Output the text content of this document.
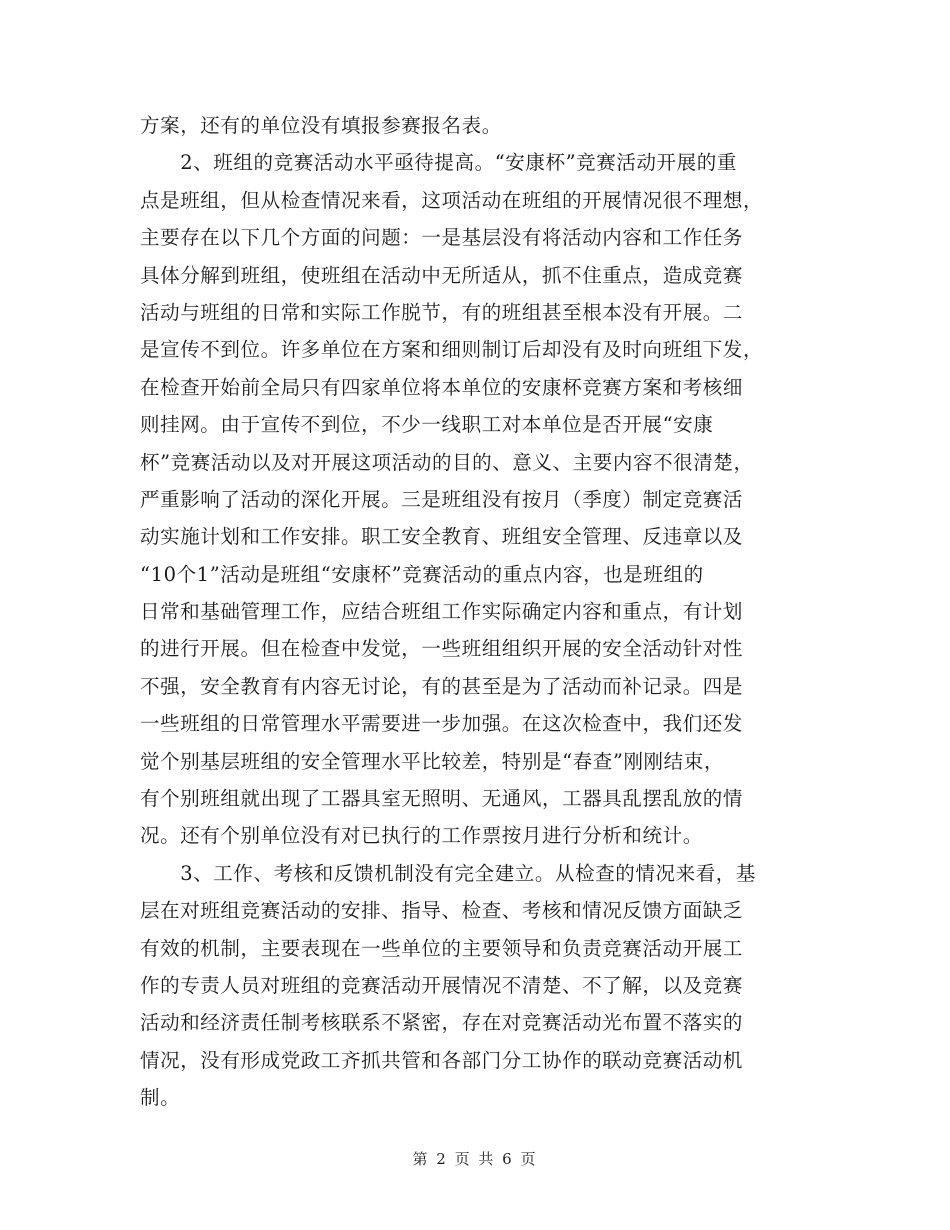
方案，还有的单位没有填报参赛报名表。
　　2、班组的竞赛活动水平亟待提高。“安康杯”竞赛活动开展的重
点是班组，但从检查情况来看，这项活动在班组的开展情况很不理想，
主要存在以下几个方面的问题：一是基层没有将活动内容和工作任务
具体分解到班组，使班组在活动中无所适从，抓不住重点，造成竞赛
活动与班组的日常和实际工作脱节，有的班组甚至根本没有开展。二
是宣传不到位。许多单位在方案和细则制订后却没有及时向班组下发，
在检查开始前全局只有四家单位将本单位的安康杯竞赛方案和考核细
则挂网。由于宣传不到位，不少一线职工对本单位是否开展“安康
杯”竞赛活动以及对开展这项活动的目的、意义、主要内容不很清楚，
严重影响了活动的深化开展。三是班组没有按月（季度）制定竞赛活
动实施计划和工作安排。职工安全教育、班组安全管理、反违章以及
“10个1”活动是班组“安康杯”竞赛活动的重点内容，也是班组的
日常和基础管理工作，应结合班组工作实际确定内容和重点，有计划
的进行开展。但在检查中发觉，一些班组组织开展的安全活动针对性
不强，安全教育有内容无讨论，有的甚至是为了活动而补记录。四是
一些班组的日常管理水平需要进一步加强。在这次检查中，我们还发
觉个别基层班组的安全管理水平比较差，特别是“春查”刚刚结束，
有个别班组就出现了工器具室无照明、无通风，工器具乱摆乱放的情
况。还有个别单位没有对已执行的工作票按月进行分析和统计。
　　3、工作、考核和反馈机制没有完全建立。从检查的情况来看，基
层在对班组竞赛活动的安排、指导、检查、考核和情况反馈方面缺乏
有效的机制，主要表现在一些单位的主要领导和负责竞赛活动开展工
作的专责人员对班组的竞赛活动开展情况不清楚、不了解，以及竞赛
活动和经济责任制考核联系不紧密，存在对竞赛活动光布置不落实的
情况，没有形成党政工齐抓共管和各部门分工协作的联动竞赛活动机
制。
第 2 页 共 6 页
